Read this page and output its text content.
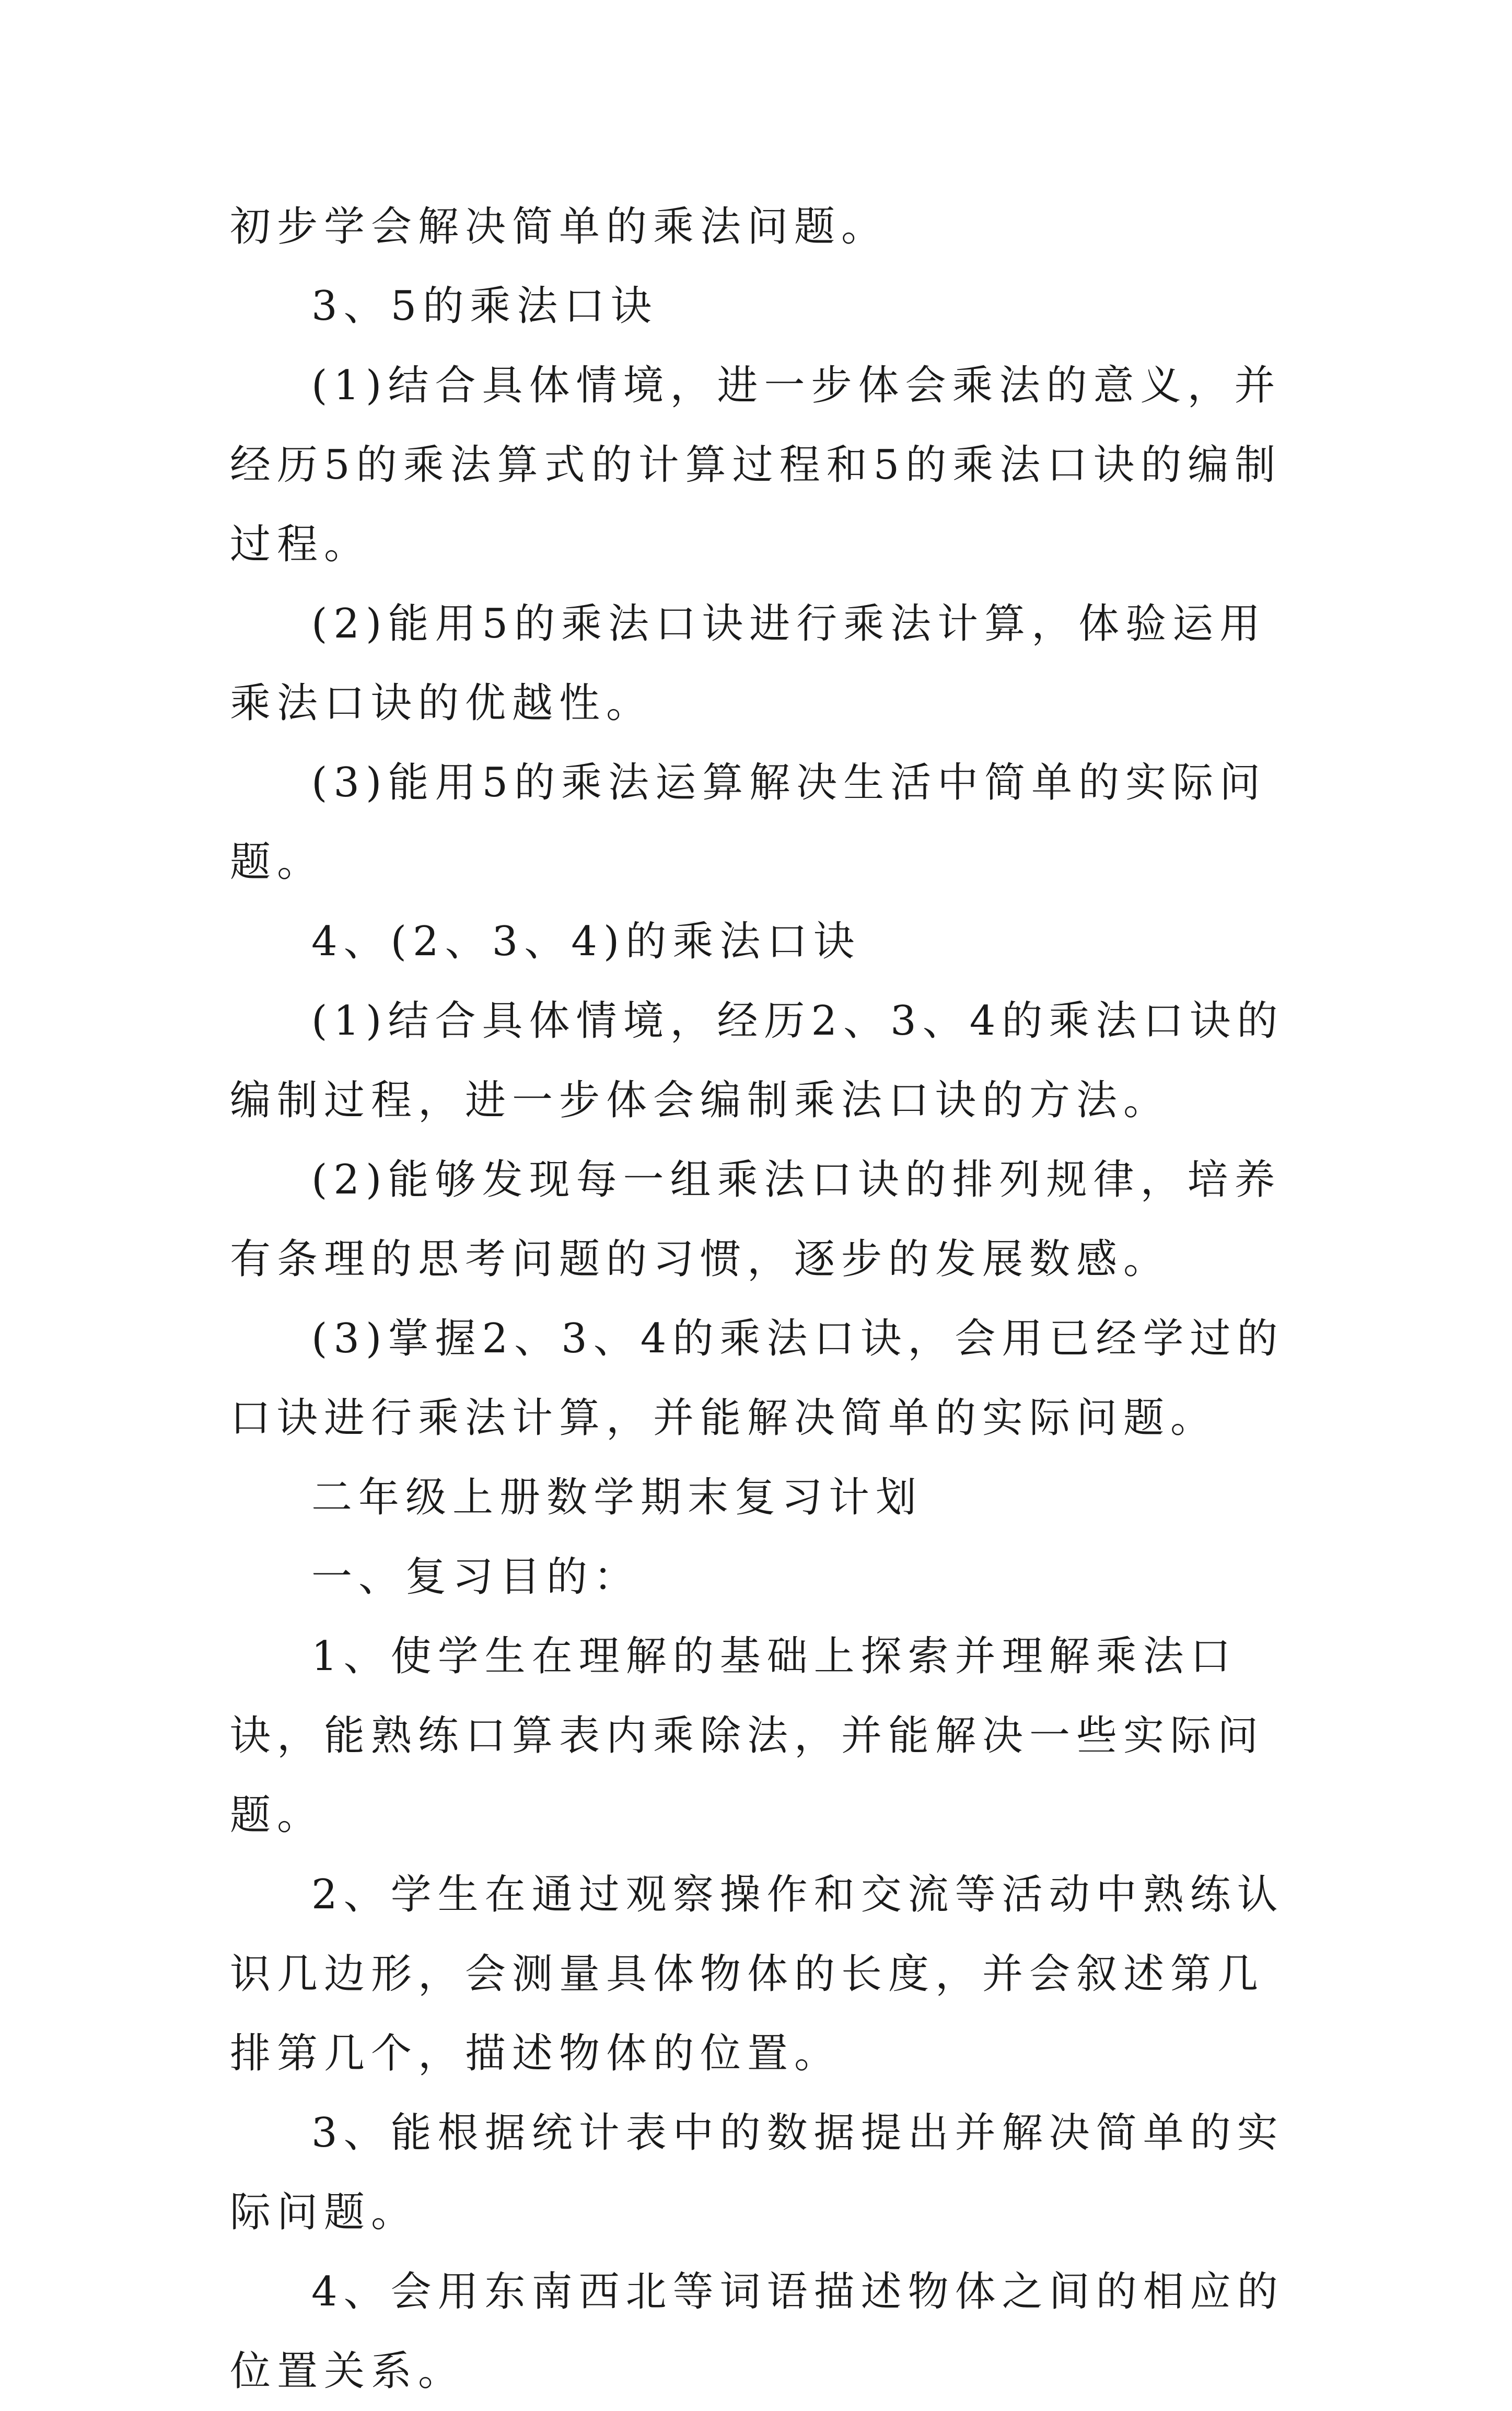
初步学会解决简单的乘法问题。

3、5的乘法口诀

(1)结合具体情境，进一步体会乘法的意义，并经历5的乘法算式的计算过程和5的乘法口诀的编制过程。

(2)能用5的乘法口诀进行乘法计算，体验运用乘法口诀的优越性。

(3)能用5的乘法运算解决生活中简单的实际问题。

4、(2、3、4)的乘法口诀

(1)结合具体情境，经历2、3、4的乘法口诀的编制过程，进一步体会编制乘法口诀的方法。

(2)能够发现每一组乘法口诀的排列规律，培养有条理的思考问题的习惯，逐步的发展数感。

(3)掌握2、3、4的乘法口诀，会用已经学过的口诀进行乘法计算，并能解决简单的实际问题。

二年级上册数学期末复习计划

一、复习目的：

1、使学生在理解的基础上探索并理解乘法口诀，能熟练口算表内乘除法，并能解决一些实际问题。

2、学生在通过观察操作和交流等活动中熟练认识几边形，会测量具体物体的长度，并会叙述第几排第几个，描述物体的位置。

3、能根据统计表中的数据提出并解决简单的实际问题。

4、会用东南西北等词语描述物体之间的相应的位置关系。
